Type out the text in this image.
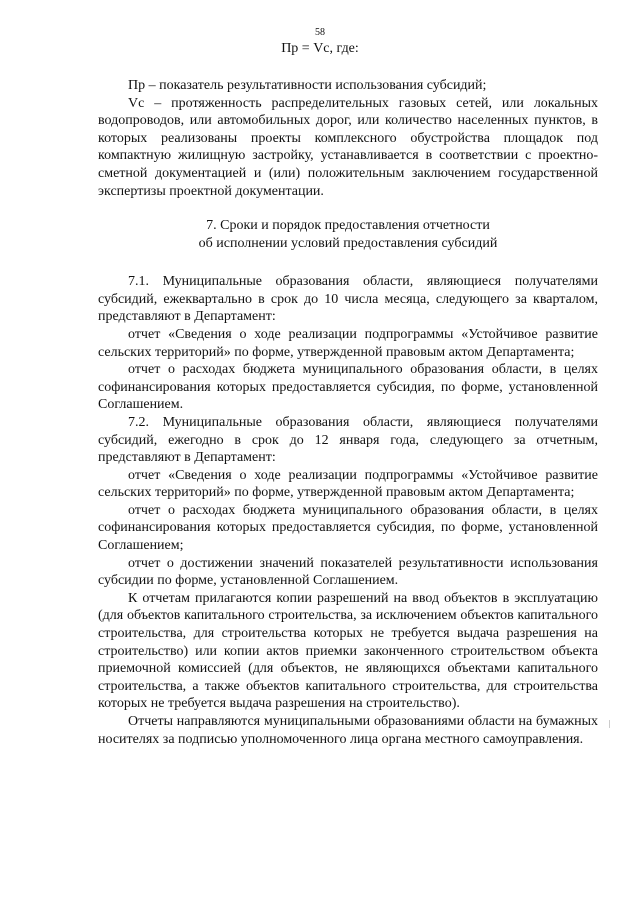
58
Пр = Vc, где:

Пр – показатель результативности использования субсидий;

Vc – протяженность распределительных газовых сетей, или локальных водопроводов, или автомобильных дорог, или количество населенных пунктов, в которых реализованы проекты комплексного обустройства площадок под компактную жилищную застройку, устанавливается в соответствии с проектно-сметной документацией и (или) положительным заключением государственной экспертизы проектной документации.

7. Сроки и порядок предоставления отчетности
об исполнении условий предоставления субсидий

7.1. Муниципальные образования области, являющиеся получателями субсидий, ежеквартально в срок до 10 числа месяца, следующего за кварталом, представляют в Департамент:

отчет «Сведения о ходе реализации подпрограммы «Устойчивое развитие сельских территорий» по форме, утвержденной правовым актом Департамента;

отчет о расходах бюджета муниципального образования области, в целях софинансирования которых предоставляется субсидия, по форме, установленной Соглашением.

7.2. Муниципальные образования области, являющиеся получателями субсидий, ежегодно в срок до 12 января года, следующего за отчетным, представляют в Департамент:

отчет «Сведения о ходе реализации подпрограммы «Устойчивое развитие сельских территорий» по форме, утвержденной правовым актом Департамента;

отчет о расходах бюджета муниципального образования области, в целях софинансирования которых предоставляется субсидия, по форме, установленной Соглашением;

отчет о достижении значений показателей результативности использования субсидии по форме, установленной Соглашением.

К отчетам прилагаются копии разрешений на ввод объектов в эксплуатацию (для объектов капитального строительства, за исключением объектов капитального строительства, для строительства которых не требуется выдача разрешения на строительство) или копии актов приемки законченного строительством объекта приемочной комиссией (для объектов, не являющихся объектами капитального строительства, а также объектов капитального строительства, для строительства которых не требуется выдача разрешения на строительство).

Отчеты направляются муниципальными образованиями области на бумажных носителях за подписью уполномоченного лица органа местного самоуправления.
